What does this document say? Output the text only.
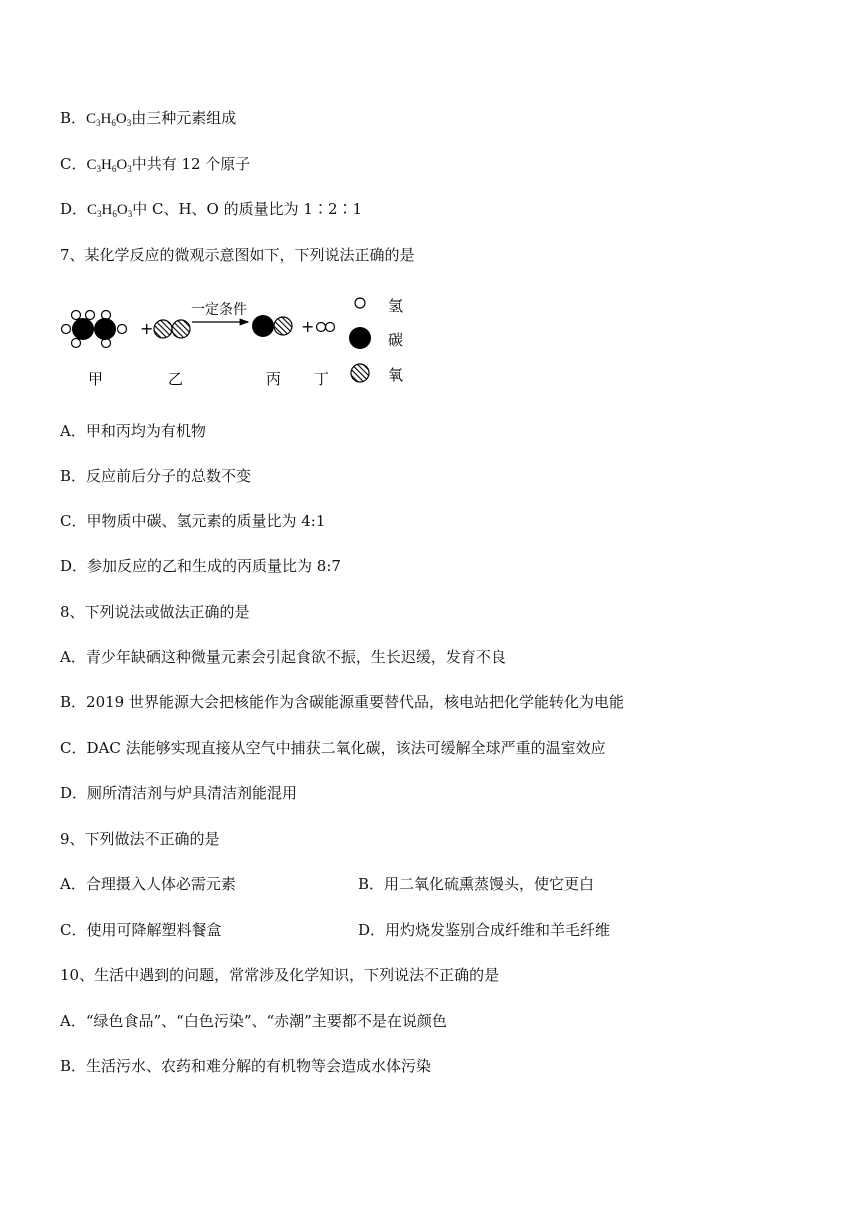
B．$C_3H_6O_3$由三种元素组成
C．$C_3H_6O_3$中共有 12 个原子
D．$C_3H_6O_3$中 C、H、O 的质量比为 1∶2∶1
7、某化学反应的微观示意图如下，下列说法正确的是
+
一定条件
+
氢
碳
氧
甲	乙	丙 丁
A．甲和丙均为有机物
B．反应前后分子的总数不变
C．甲物质中碳、氢元素的质量比为 4:1
D．参加反应的乙和生成的丙质量比为 8:7
8、下列说法或做法正确的是
A．青少年缺硒这种微量元素会引起食欲不振，生长迟缓，发育不良
B．2019 世界能源大会把核能作为含碳能源重要替代品，核电站把化学能转化为电能
C．DAC 法能够实现直接从空气中捕获二氧化碳，该法可缓解全球严重的温室效应
D．厕所清洁剂与炉具清洁剂能混用
9、下列做法不正确的是
A．合理摄入人体必需元素	B．用二氧化硫熏蒸馒头，使它更白
C．使用可降解塑料餐盒	D．用灼烧发鉴别合成纤维和羊毛纤维
10、生活中遇到的问题，常常涉及化学知识，下列说法不正确的是
A．“绿色食品”、“白色污染”、“赤潮”主要都不是在说颜色
B．生活污水、农药和难分解的有机物等会造成水体污染
